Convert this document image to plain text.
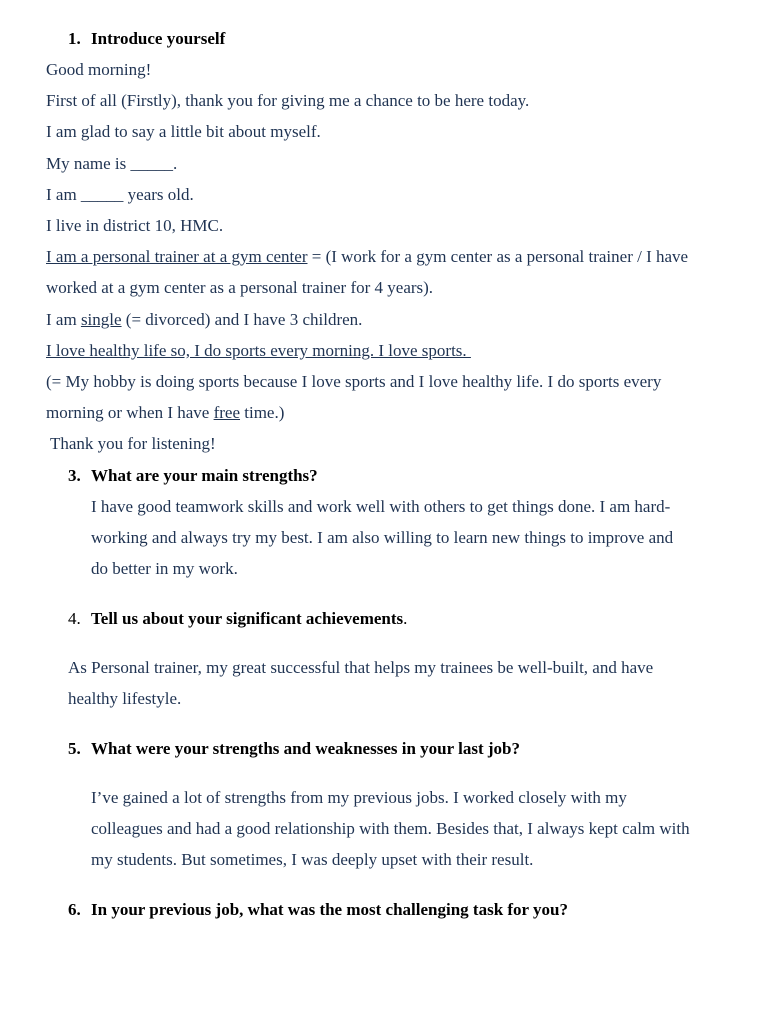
1. Introduce yourself
Good morning!
First of all (Firstly), thank you for giving me a chance to be here today.
I am glad to say a little bit about myself.
My name is _____.
I am _____ years old.
I live in district 10, HMC.
I am a personal trainer at a gym center = (I work for a gym center as a personal trainer / I have
worked at a gym center as a personal trainer for 4 years).
I am single (= divorced) and I have 3 children.
I love healthy life so, I do sports every morning. I love sports.
(= My hobby is doing sports because I love sports and I love healthy life. I do sports every
morning or when I have free time.)
Thank you for listening!
3. What are your main strengths?
I have good teamwork skills and work well with others to get things done. I am hard-
working and always try my best. I am also willing to learn new things to improve and
do better in my work.
4. Tell us about your significant achievements.
As Personal trainer, my great successful that helps my trainees be well-built, and have
healthy lifestyle.
5. What were your strengths and weaknesses in your last job?
I’ve gained a lot of strengths from my previous jobs. I worked closely with my
colleagues and had a good relationship with them. Besides that, I always kept calm with
my students. But sometimes, I was deeply upset with their result.
6. In your previous job, what was the most challenging task for you?
